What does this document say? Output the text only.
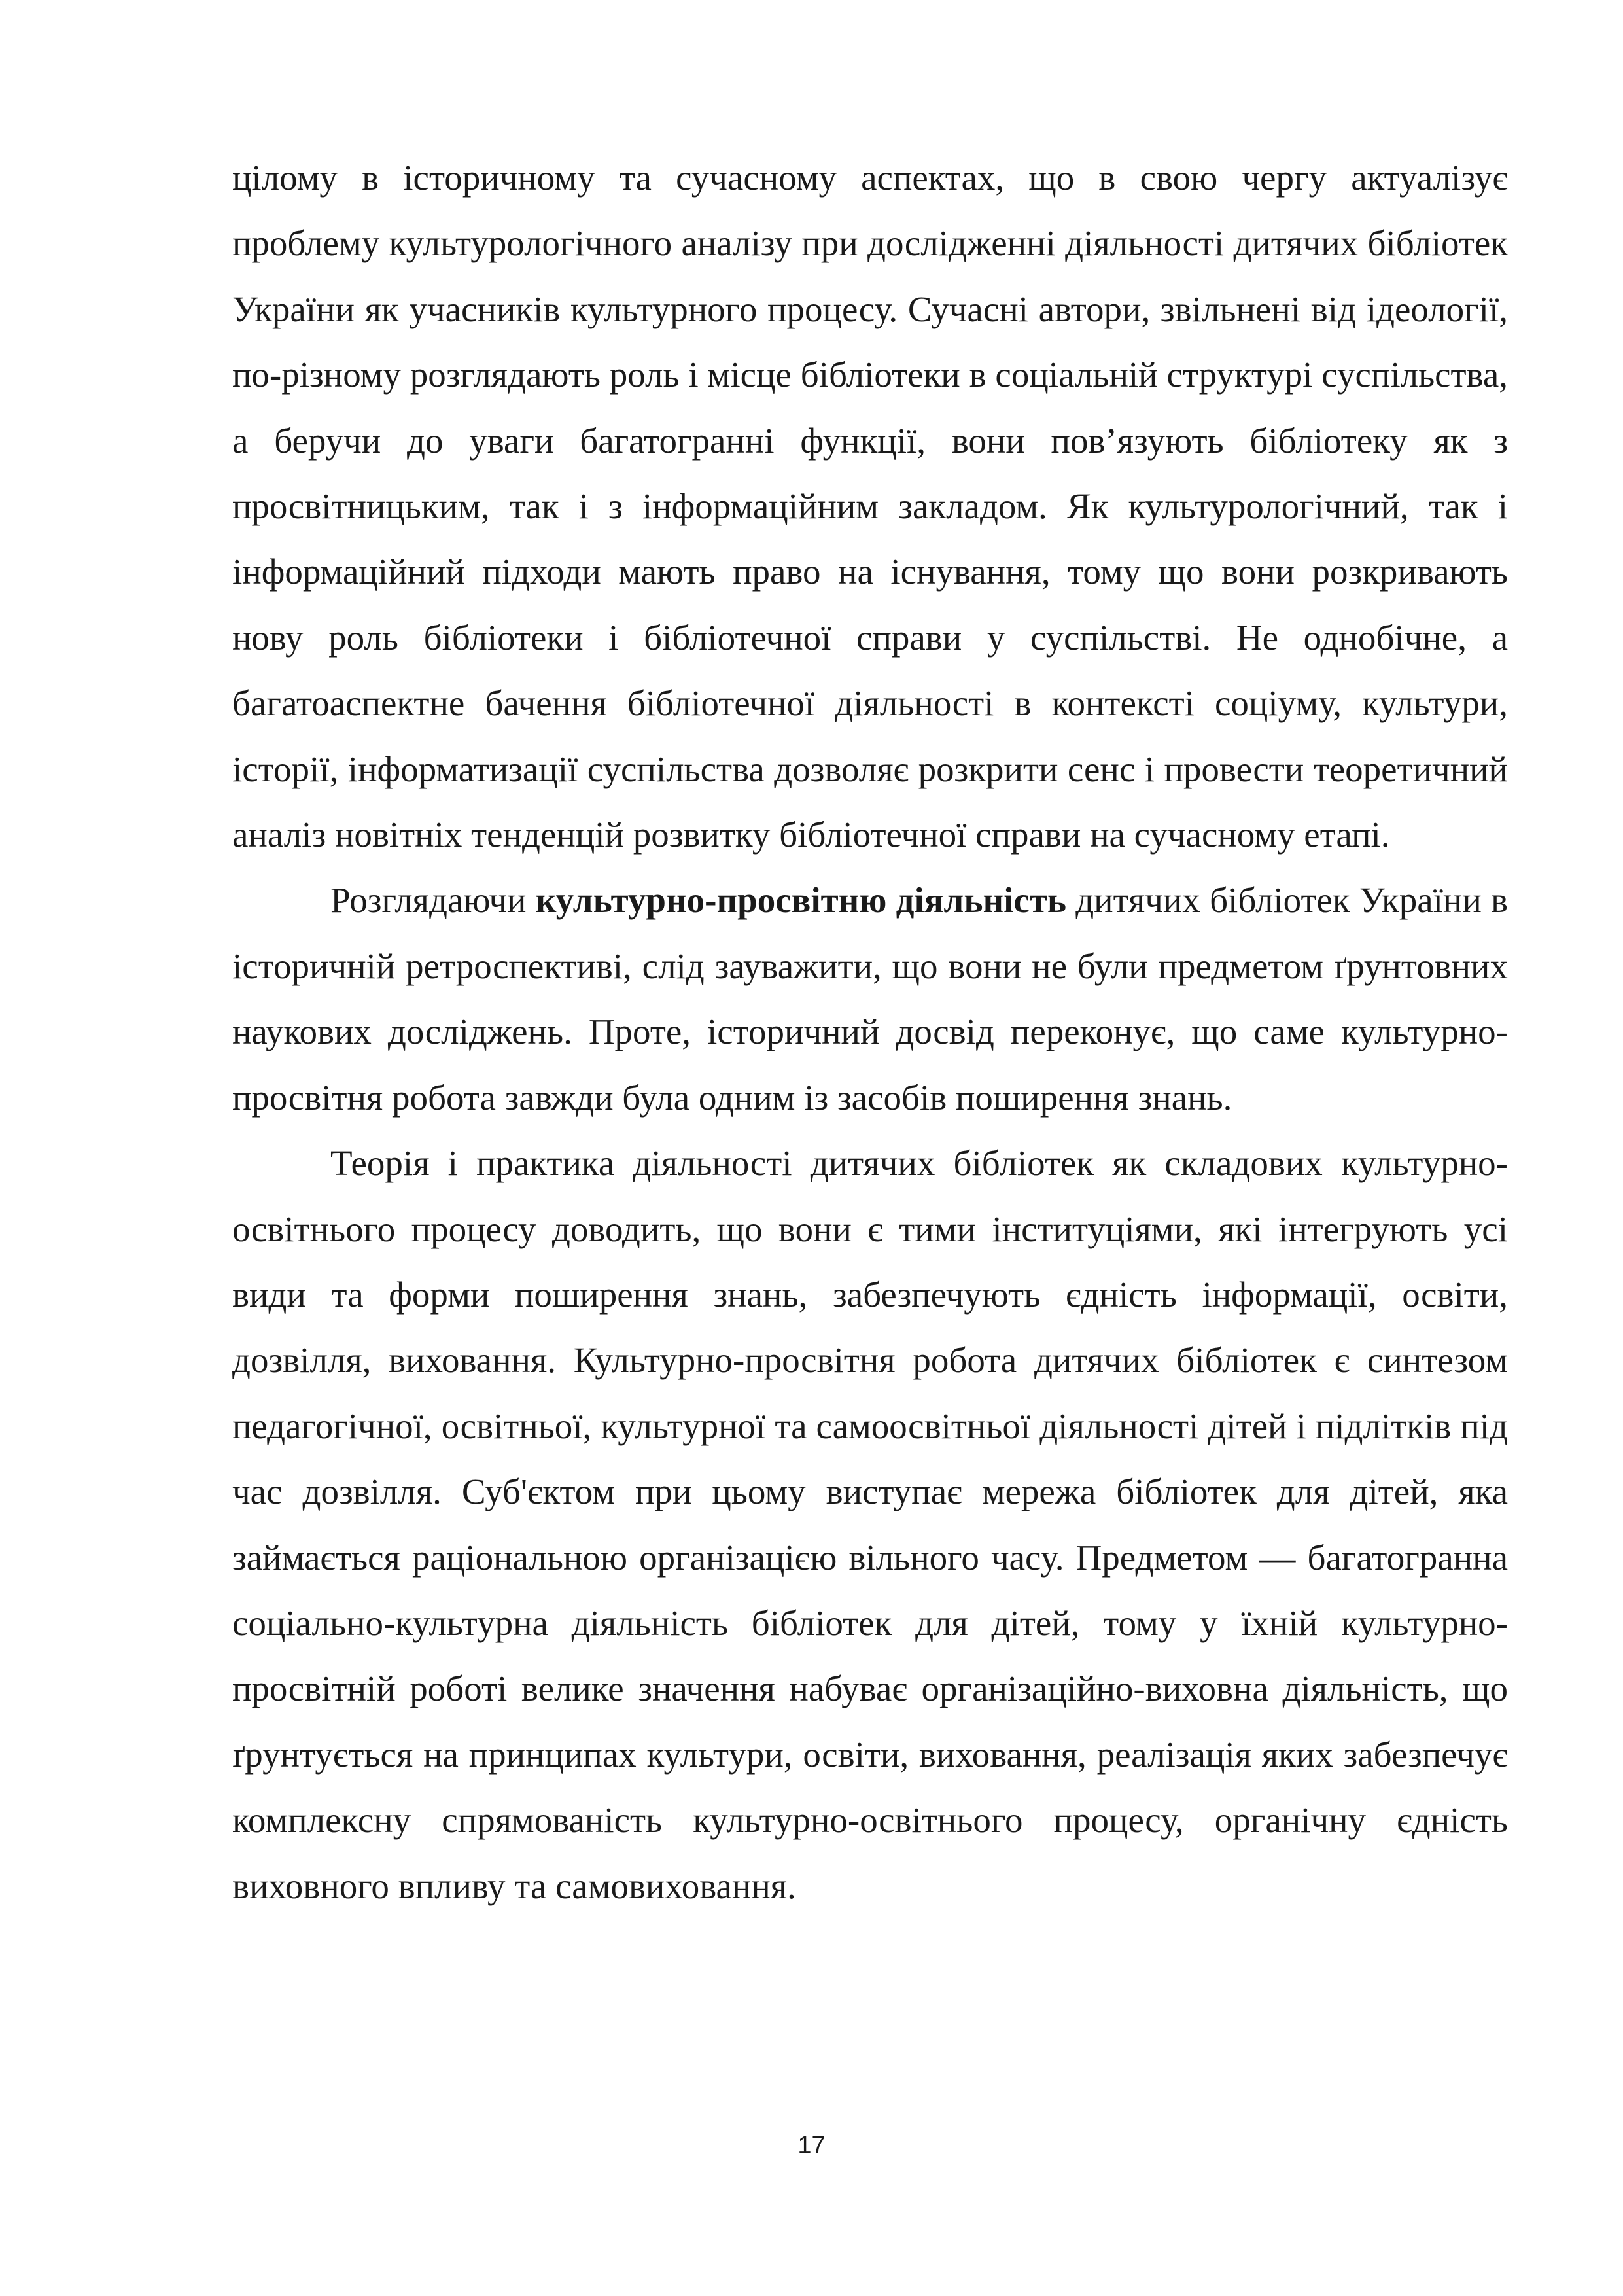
цілому в історичному та сучасному аспектах, що в свою чергу актуалізує проблему культурологічного аналізу при дослідженні діяльності дитячих бібліотек України як учасників культурного процесу. Сучасні автори, звільнені від ідеології, по-різному розглядають роль і місце бібліотеки в соціальній структурі суспільства, а беручи до уваги багатогранні функції, вони пов’язують бібліотеку як з просвітницьким, так і з інформаційним закладом. Як культурологічний, так і інформаційний підходи мають право на існування, тому що вони розкривають нову роль бібліотеки і бібліотечної справи у суспільстві. Не однобічне, а багатоаспектне бачення бібліотечної діяльності в контексті соціуму, культури, історії, інформатизації суспільства дозволяє розкрити сенс і провести теоретичний аналіз новітніх тенденцій розвитку бібліотечної справи на сучасному етапі.

Розглядаючи культурно-просвітню діяльність дитячих бібліотек України в історичній ретроспективі, слід зауважити, що вони не були предметом ґрунтовних наукових досліджень. Проте, історичний досвід переконує, що саме культурно-просвітня робота завжди була одним із засобів поширення знань.

Теорія і практика діяльності дитячих бібліотек як складових культурно-освітнього процесу доводить, що вони є тими інституціями, які інтегрують усі види та форми поширення знань, забезпечують єдність інформації, освіти, дозвілля, виховання. Культурно-просвітня робота дитячих бібліотек є синтезом педагогічної, освітньої, культурної та самоосвітньої діяльності дітей і підлітків під час дозвілля. Суб'єктом при цьому виступає мережа бібліотек для дітей, яка займається раціональною організацією вільного часу. Предметом — багатогранна соціально-культурна діяльність бібліотек для дітей, тому у їхній культурно-просвітній роботі велике значення набуває організаційно-виховна діяльність, що ґрунтується на принципах культури, освіти, виховання, реалізація яких забезпечує комплексну спрямованість культурно-освітнього процесу, органічну єдність виховного впливу та самовиховання.

17
